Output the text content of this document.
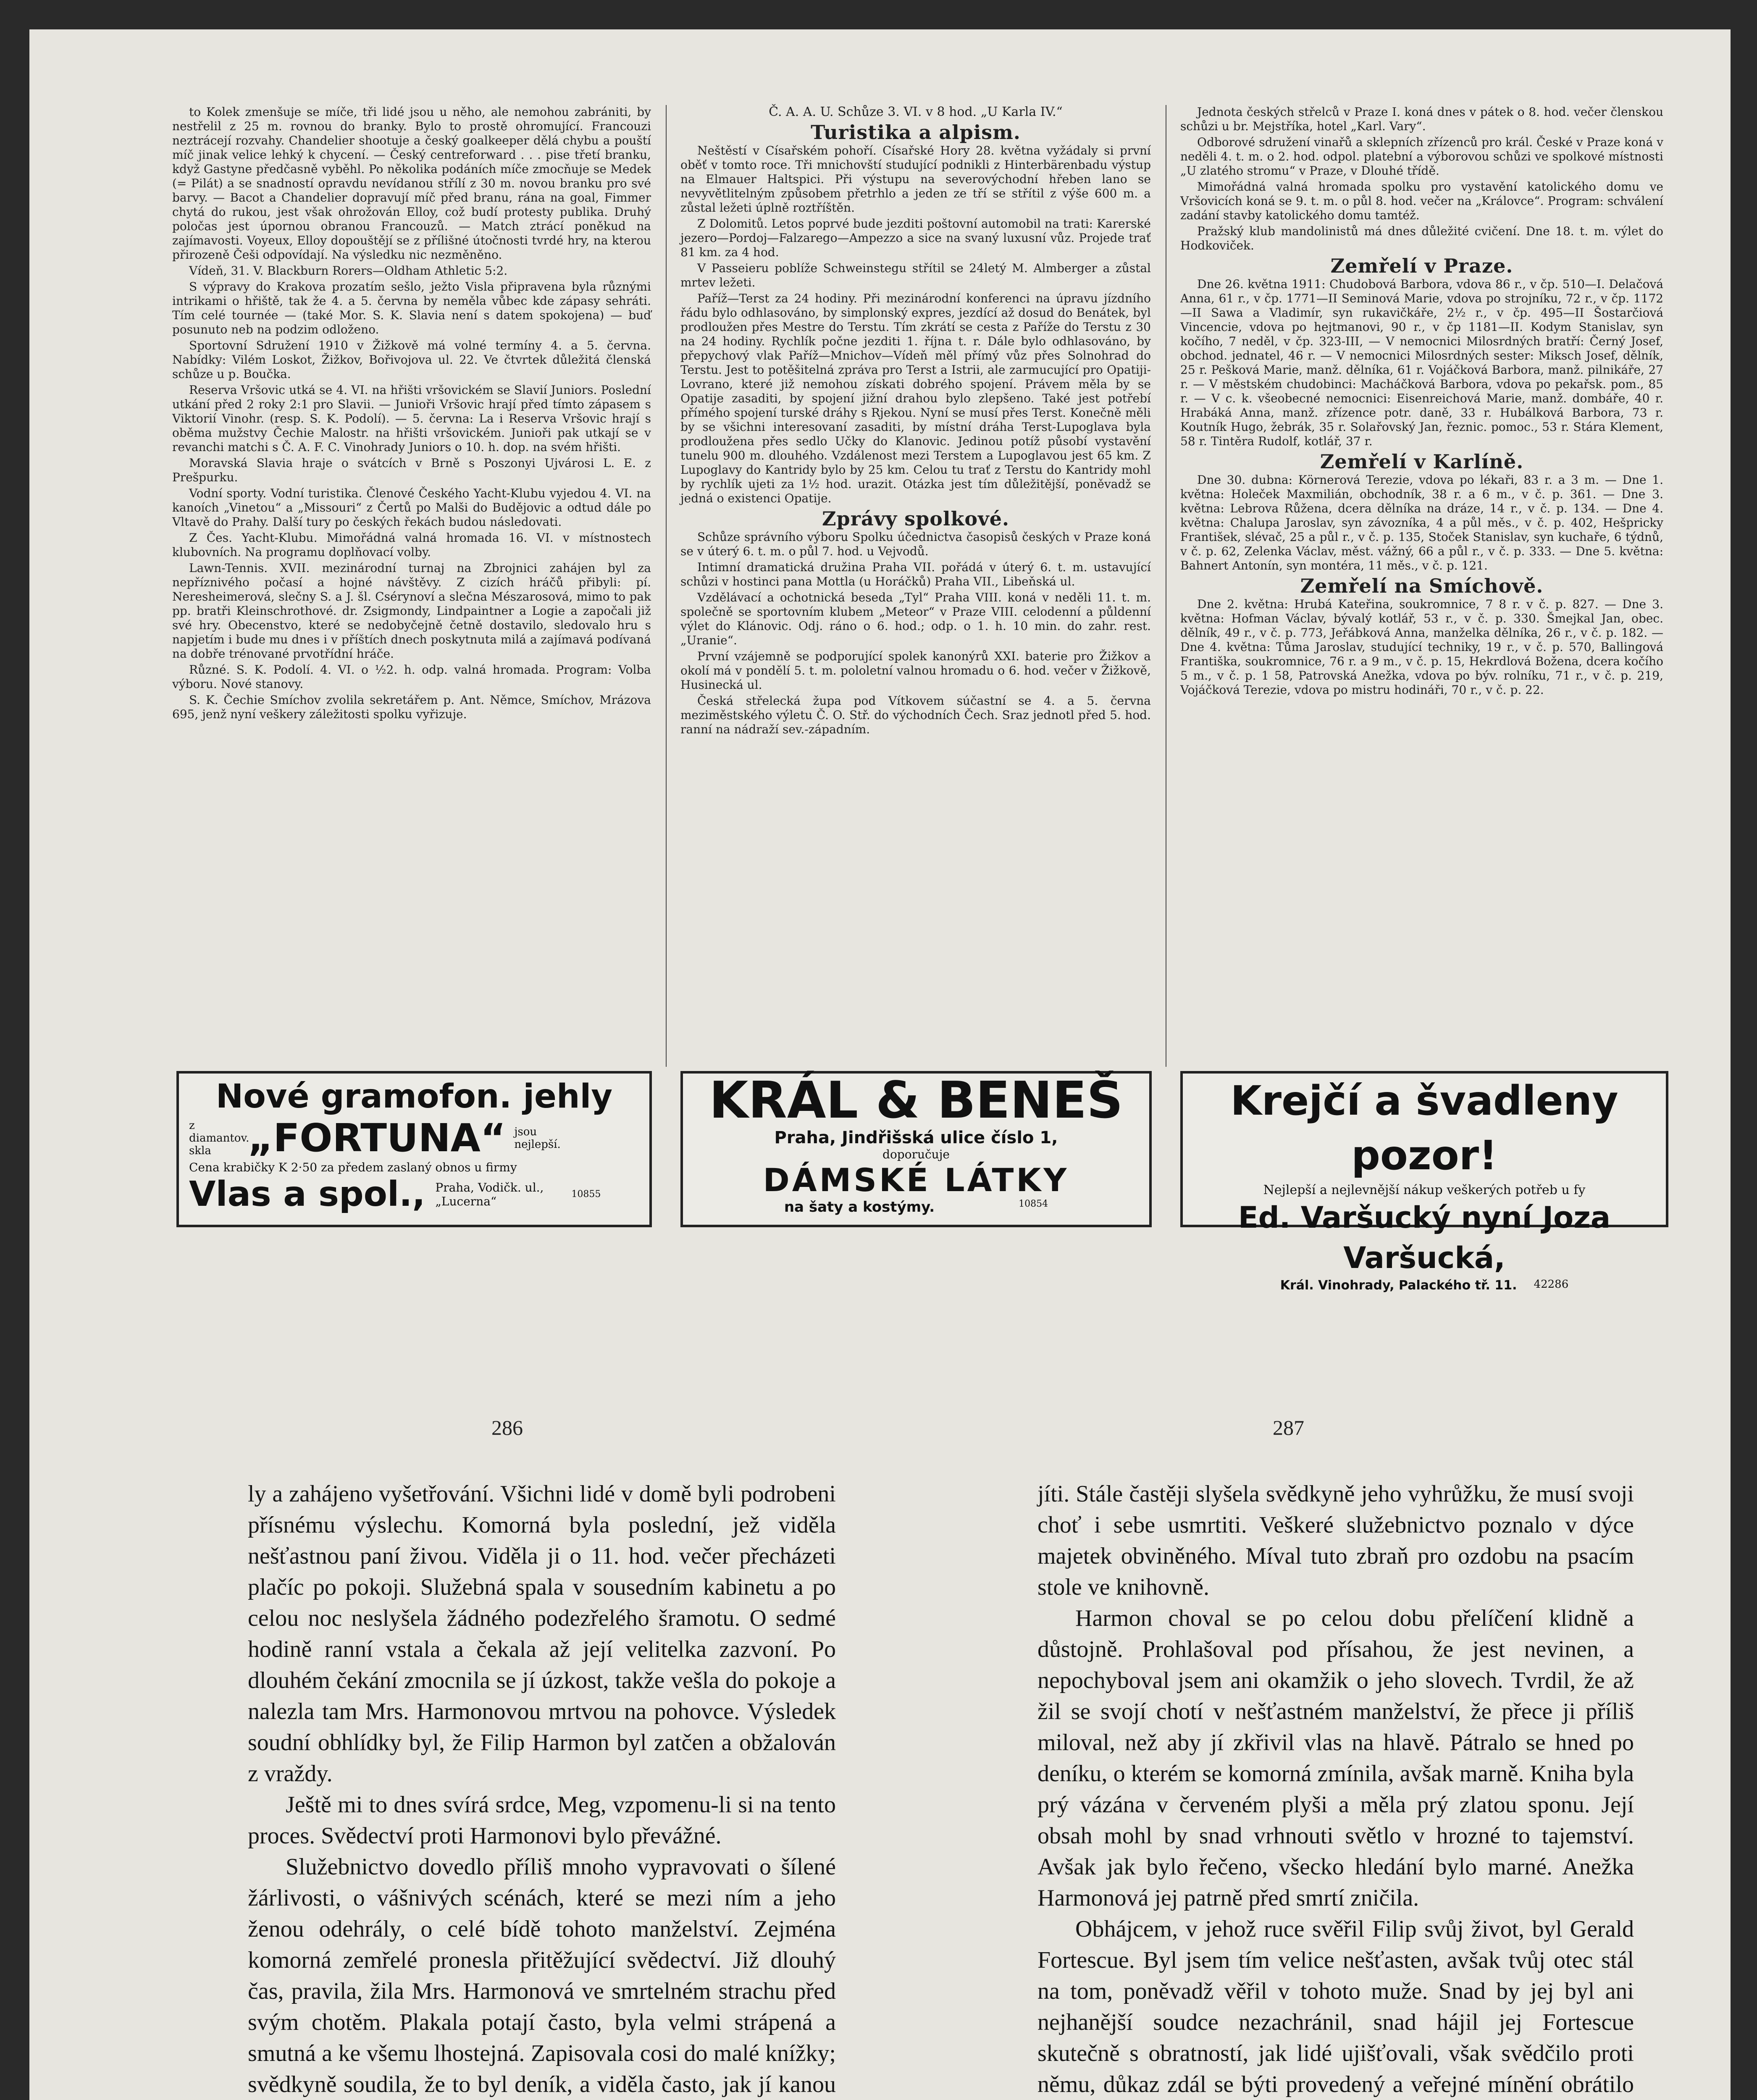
to Kolek zmenšuje se míče, tři lidé jsou u něho, ale nemohou zabrániti, by nestřelil z 25 m. rovnou do branky. Bylo to prostě ohromující. Francouzi neztrácejí rozvahy. Chandelier shootuje a český goalkeeper dělá chybu a pouští míč jinak velice lehký k chycení. — Český centreforward . . . pise třetí branku, když Gastyne předčasně vyběhl. Po několika podáních míče zmocňuje se Medek (= Pilát) a se snadností opravdu nevídanou střílí z 30 m. novou branku pro své barvy. — Bacot a Chandelier dopravují míč před branu, rána na goal, Fimmer chytá do rukou, jest však ohrožován Elloy, což budí protesty publika. Druhý poločas jest úpornou obranou Francouzů. — Match ztrácí poněkud na zajímavosti. Voyeux, Elloy dopouštějí se z přílišné útočnosti tvrdé hry, na kterou přirozeně Češi odpovídají. Na výsledku nic nezměněno.

Vídeň, 31. V. Blackburn Rorers—Oldham Athletic 5:2.

S výpravy do Krakova prozatím sešlo, ježto Visla připravena byla různými intrikami o hřiště, tak že 4. a 5. června by neměla vůbec kde zápasy sehráti. Tím celé tournée — (také Mor. S. K. Slavia není s datem spokojena) — buď posunuto neb na podzim odloženo.

Sportovní Sdružení 1910 v Žižkově má volné termíny 4. a 5. června. Nabídky: Vilém Loskot, Žižkov, Bořivojova ul. 22. Ve čtvrtek důležitá členská schůze u p. Boučka.

Reserva Vršovic utká se 4. VI. na hřišti vršovickém se Slavií Juniors. Poslední utkání před 2 roky 2:1 pro Slavii. — Junioři Vršovic hrají před tímto zápasem s Viktorií Vinohr. (resp. S. K. Podolí). — 5. června: La i Reserva Vršovic hrají s oběma mužstvy Čechie Malostr. na hřišti vršovickém. Junioři pak utkají se v revanchi matchi s Č. A. F. C. Vinohrady Juniors o 10. h. dop. na svém hřišti.

Moravská Slavia hraje o svátcích v Brně s Poszonyi Ujvárosi L. E. z Prešpurku.

Vodní sporty. Vodní turistika. Členové Českého Yacht-Klubu vyjedou 4. VI. na kanoích „Vinetou“ a „Missouri“ z Čertů po Malši do Budějovic a odtud dále po Vltavě do Prahy. Další tury po českých řekách budou následovati.

Z Čes. Yacht-Klubu. Mimořádná valná hromada 16. VI. v místnostech klubovních. Na programu doplňovací volby.

Lawn-Tennis. XVII. mezinárodní turnaj na Zbrojnici zahájen byl za nepříznivého počasí a hojné návštěvy. Z cizích hráčů přibyli: pí. Neresheimerová, slečny S. a J. šl. Csérynoví a slečna Mészarosová, mimo to pak pp. bratři Kleinschrothové. dr. Zsigmondy, Lindpaintner a Logie a započali již své hry. Obecenstvo, které se nedobyčejně četně dostavilo, sledovalo hru s napjetím i bude mu dnes i v příštích dnech poskytnuta milá a zajímavá podívaná na dobře trénované prvotřídní hráče.

Různé. S. K. Podolí. 4. VI. o ½2. h. odp. valná hromada. Program: Volba výboru. Nové stanovy.

S. K. Čechie Smíchov zvolila sekretářem p. Ant. Němce, Smíchov, Mrázova 695, jenž nyní veškery záležitosti spolku vyřizuje.

Č. A. A. U. Schůze 3. VI. v 8 hod. „U Karla IV.“
Turistika a alpism.

Neštěstí v Císařském pohoří. Císařské Hory 28. května vyžádaly si první oběť v tomto roce. Tři mnichovští studující podnikli z Hinterbärenbadu výstup na Elmauer Haltspici. Při výstupu na severovýchodní hřeben lano se nevyvětlitelným způsobem přetrhlo a jeden ze tří se střítil z výše 600 m. a zůstal ležeti úplně roztříštěn.

Z Dolomitů. Letos poprvé bude jezditi poštovní automobil na trati: Karerské jezero—Pordoj—Falzarego—Ampezzo a sice na svaný luxusní vůz. Projede trať 81 km. za 4 hod.

V Passeieru poblíže Schweinstegu střítil se 24letý M. Almberger a zůstal mrtev ležeti.

Paříž—Terst za 24 hodiny. Při mezinárodní konferenci na úpravu jízdního řádu bylo odhlasováno, by simplonský expres, jezdící až dosud do Benátek, byl prodloužen přes Mestre do Terstu. Tím zkrátí se cesta z Paříže do Terstu z 30 na 24 hodiny. Rychlík počne jezditi 1. října t. r. Dále bylo odhlasováno, by přepychový vlak Paříž—Mnichov—Vídeň měl přímý vůz přes Solnohrad do Terstu. Jest to potěšitelná zpráva pro Terst a Istrii, ale zarmucující pro Opatiji-Lovrano, které již nemohou získati dobrého spojení. Právem měla by se Opatije zasaditi, by spojení jižní drahou bylo zlepšeno. Také jest potřebí přímého spojení turské dráhy s Rjekou. Nyní se musí přes Terst. Konečně měli by se všichni interesovaní zasaditi, by místní dráha Terst-Lupoglava byla prodloužena přes sedlo Učky do Klanovic. Jedinou potíž působí vystavění tunelu 900 m. dlouhého. Vzdálenost mezi Terstem a Lupoglavou jest 65 km. Z Lupoglavy do Kantridy bylo by 25 km. Celou tu trať z Terstu do Kantridy mohl by rychlík ujeti za 1½ hod. urazit. Otázka jest tím důležitější, poněvadž se jedná o existenci Opatije.

Zprávy spolkové.

Schůze správního výboru Spolku účednictva časopisů českých v Praze koná se v úterý 6. t. m. o půl 7. hod. u Vejvodů.

Intimní dramatická družina Praha VII. pořádá v úterý 6. t. m. ustavující schůzi v hostinci pana Mottla (u Horáčků) Praha VII., Libeňská ul.

Vzdělávací a ochotnická beseda „Tyl“ Praha VIII. koná v neděli 11. t. m. společně se sportovním klubem „Meteor“ v Praze VIII. celodenní a půldenní výlet do Klánovic. Odj. ráno o 6. hod.; odp. o 1. h. 10 min. do zahr. rest. „Uranie“.

První vzájemně se podporující spolek kanonýrů XXI. baterie pro Žižkov a okolí má v pondělí 5. t. m. pololetní valnou hromadu o 6. hod. večer v Žižkově, Husinecká ul.

Česká střelecká župa pod Vítkovem súčastní se 4. a 5. června meziměstského výletu Č. O. Stř. do východních Čech. Sraz jednotl před 5. hod. ranní na nádraží sev.-západním.

Jednota českých střelců v Praze I. koná dnes v pátek o 8. hod. večer členskou schůzi u br. Mejstříka, hotel „Karl. Vary“.

Odborové sdružení vinařů a sklepních zřízenců pro král. České v Praze koná v neděli 4. t. m. o 2. hod. odpol. platební a výborovou schůzi ve spolkové místnosti „U zlatého stromu“ v Praze, v Dlouhé třídě.

Mimořádná valná hromada spolku pro vystavění katolického domu ve Vršovicích koná se 9. t. m. o půl 8. hod. večer na „Královce“. Program: schválení zadání stavby katolického domu tamtéž.

Pražský klub mandolinistů má dnes důležité cvičení. Dne 18. t. m. výlet do Hodkoviček.

Zemřelí v Praze.

Dne 26. května 1911: Chudobová Barbora, vdova 86 r., v čp. 510—I. Delačová Anna, 61 r., v čp. 1771—II Seminová Marie, vdova po strojníku, 72 r., v čp. 1172—II Sawa a Vladimír, syn rukavičkáře, 2½ r., v čp. 495—II Šostarčiová Vincencie, vdova po hejtmanovi, 90 r., v čp 1181—II. Kodym Stanislav, syn kočího, 7 neděl, v čp. 323-III, — V nemocnici Milosrdných bratří: Černý Josef, obchod. jednatel, 46 r. — V nemocnici Milosrdných sester: Miksch Josef, dělník, 25 r. Pešková Marie, manž. dělníka, 61 r. Vojáčková Barbora, manž. pilnikáře, 27 r. — V městském chudobinci: Macháčková Barbora, vdova po pekařsk. pom., 85 r. — V c. k. všeobecné nemocnici: Eisenreichová Marie, manž. dombáře, 40 r. Hrabáká Anna, manž. zřízence potr. daně, 33 r. Hubálková Barbora, 73 r. Koutník Hugo, žebrák, 35 r. Solařovský Jan, řeznic. pomoc., 53 r. Stára Klement, 58 r. Tintěra Rudolf, kotlář, 37 r.

Zemřelí v Karlíně.

Dne 30. dubna: Körnerová Terezie, vdova po lékaři, 83 r. a 3 m. — Dne 1. května: Holeček Maxmilián, obchodník, 38 r. a 6 m., v č. p. 361. — Dne 3. května: Lebrova Růžena, dcera dělníka na dráze, 14 r., v č. p. 134. — Dne 4. května: Chalupa Jaroslav, syn závozníka, 4 a půl měs., v č. p. 402, Hešpricky František, slévač, 25 a půl r., v č. p. 135, Stoček Stanislav, syn kuchaře, 6 týdnů, v č. p. 62, Zelenka Václav, měst. vážný, 66 a půl r., v č. p. 333. — Dne 5. května: Bahnert Antonín, syn montéra, 11 měs., v č. p. 121.

Zemřelí na Smíchově.

Dne 2. května: Hrubá Kateřina, soukromnice, 7 8 r. v č. p. 827. — Dne 3. května: Hofman Václav, bývalý kotlář, 53 r., v č. p. 330. Šmejkal Jan, obec. dělník, 49 r., v č. p. 773, Jeřábková Anna, manželka dělníka, 26 r., v č. p. 182. — Dne 4. května: Tůma Jaroslav, studující techniky, 19 r., v č. p. 570, Ballingová Františka, soukromnice, 76 r. a 9 m., v č. p. 15, Hekrdlová Božena, dcera kočího 5 m., v č. p. 1 58, Patrovská Anežka, vdova po býv. rolníku, 71 r., v č. p. 219, Vojáčková Terezie, vdova po mistru hodináři, 70 r., v č. p. 22.

Nové gramofon. jehly
z diamantov. skla „FORTUNA“ jsou nejlepší.
Cena krabičky K 2·50 za předem zaslaný obnos u firmy
Vlas a spol., Praha, Vodičk. ul., „Lucerna“	10855
KRÁL & BENEŠ
Praha, Jindřišská ulice číslo 1,
doporučuje
DÁMSKÉ LÁTKY
na šaty a kostýmy.	10854
Krejčí a švadleny pozor!
Nejlepší a nejlevnější nákup veškerých potřeb u fy
Ed. Varšucký nyní Joza Varšucká,
Král. Vinohrady, Palackého tř. 11. 42286
286	287

ly a zahájeno vyšetřování. Všichni lidé v domě byli podrobeni přísnému výslechu. Komorná byla poslední, jež viděla nešťastnou paní živou. Viděla ji o 11. hod. večer přecházeti plačíc po pokoji. Služebná spala v sousedním kabinetu a po celou noc neslyšela žádného podezřelého šramotu. O sedmé hodině ranní vstala a čekala až její velitelka zazvoní. Po dlouhém čekání zmocnila se jí úzkost, takže vešla do pokoje a nalezla tam Mrs. Harmonovou mrtvou na pohovce. Výsledek soudní obhlídky byl, že Filip Harmon byl zatčen a obžalován z vraždy.

Ještě mi to dnes svírá srdce, Meg, vzpomenu-li si na tento proces. Svědectví proti Harmonovi bylo převážné.

Služebnictvo dovedlo příliš mnoho vypravovati o šílené žárlivosti, o vášnivých scénách, které se mezi ním a jeho ženou odehrály, o celé bídě tohoto manželství. Zejména komorná zemřelé pronesla přitěžující svědectví. Již dlouhý čas, pravila, žila Mrs. Harmonová ve smrtelném strachu před svým chotěm. Plakala potají často, byla velmi strápená a smutná a ke všemu lhostejná. Zapisovala cosi do malé knížky; svědkyně soudila, že to byl deník, a viděla často, jak jí kanou

jíti. Stále častěji slyšela svědkyně jeho vyhrůžku, že musí svoji choť i sebe usmrtiti. Veškeré služebnictvo poznalo v dýce majetek obviněného. Míval tuto zbraň pro ozdobu na psacím stole ve knihovně.

Harmon choval se po celou dobu přelíčení klidně a důstojně. Prohlašoval pod přísahou, že jest nevinen, a nepochyboval jsem ani okamžik o jeho slovech. Tvrdil, že až žil se svojí chotí v nešťastném manželství, že přece ji příliš miloval, než aby jí zkřivil vlas na hlavě. Pátralo se hned po deníku, o kterém se komorná zmínila, avšak marně. Kniha byla prý vázána v červeném plyši a měla prý zlatou sponu. Její obsah mohl by snad vrhnouti světlo v hrozné to tajemství. Avšak jak bylo řečeno, všecko hledání bylo marné. Anežka Harmonová jej patrně před smrtí zničila.

Obhájcem, v jehož ruce svěřil Filip svůj život, byl Gerald Fortescue. Byl jsem tím velice nešťasten, avšak tvůj otec stál na tom, poněvadž věřil v tohoto muže. Snad by jej byl ani nejhanější soudce nezachránil, snad hájil jej Fortescue skutečně s obratností, jak lidé ujišťovali, však svědčilo proti němu, důkaz zdál se býti provedený a veřejné mínění obrátilo
